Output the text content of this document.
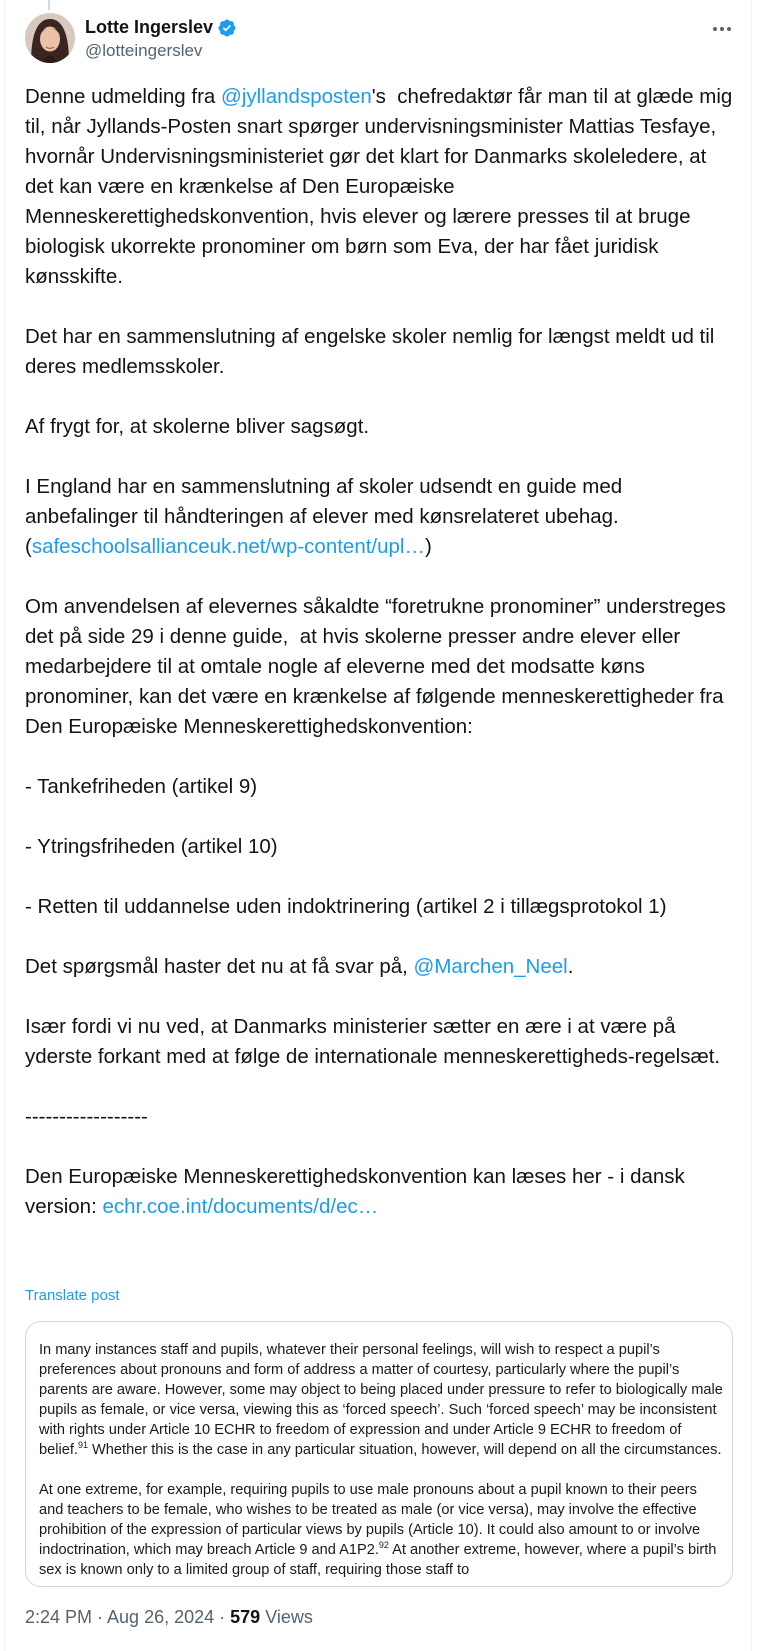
Lotte Ingerslev
@lotteingerslev

Denne udmelding fra @jyllandsposten's  chefredaktør får man til at glæde mig til, når Jyllands-Posten snart spørger undervisningsminister Mattias Tesfaye, hvornår Undervisningsministeriet gør det klart for Danmarks skoleledere, at det kan være en krænkelse af Den Europæiske Menneskerettighedskonvention, hvis elever og lærere presses til at bruge biologisk ukorrekte pronominer om børn som Eva, der har fået juridisk kønsskifte.

Det har en sammenslutning af engelske skoler nemlig for længst meldt ud til deres medlemsskoler.

Af frygt for, at skolerne bliver sagsøgt.

I England har en sammenslutning af skoler udsendt en guide med anbefalinger til håndteringen af elever med kønsrelateret ubehag. (safeschoolsallianceuk.net/wp-content/upl…)

Om anvendelsen af elevernes såkaldte “foretrukne pronominer” understreges det på side 29 i denne guide,  at hvis skolerne presser andre elever eller medarbejdere til at omtale nogle af eleverne med det modsatte køns pronominer, kan det være en krænkelse af følgende menneskerettigheder fra Den Europæiske Menneskerettighedskonvention:

- Tankefriheden (artikel 9)

- Ytringsfriheden (artikel 10)

- Retten til uddannelse uden indoktrinering (artikel 2 i tillægsprotokol 1)

Det spørgsmål haster det nu at få svar på, @Marchen_Neel.

Især fordi vi nu ved, at Danmarks ministerier sætter en ære i at være på yderste forkant med at følge de internationale menneskerettigheds-regelsæt.

------------------

Den Europæiske Menneskerettighedskonvention kan læses her - i dansk version: echr.coe.int/documents/d/ec…

Translate post

In many instances staff and pupils, whatever their personal feelings, will wish to respect a pupil’s preferences about pronouns and form of address a matter of courtesy, particularly where the pupil’s parents are aware. However, some may object to being placed under pressure to refer to biologically male pupils as female, or vice versa, viewing this as ‘forced speech’. Such ‘forced speech’ may be inconsistent with rights under Article 10 ECHR to freedom of expression and under Article 9 ECHR to freedom of belief.$^{91}$ Whether this is the case in any particular situation, however, will depend on all the circumstances.

At one extreme, for example, requiring pupils to use male pronouns about a pupil known to their peers and teachers to be female, who wishes to be treated as male (or vice versa), may involve the effective prohibition of the expression of particular views by pupils (Article 10). It could also amount to or involve indoctrination, which may breach Article 9 and A1P2.92 At another extreme, however, where a pupil’s birth sex is known only to a limited group of staff, requiring those staff to

2:24 PM · Aug 26, 2024 · 579 Views
